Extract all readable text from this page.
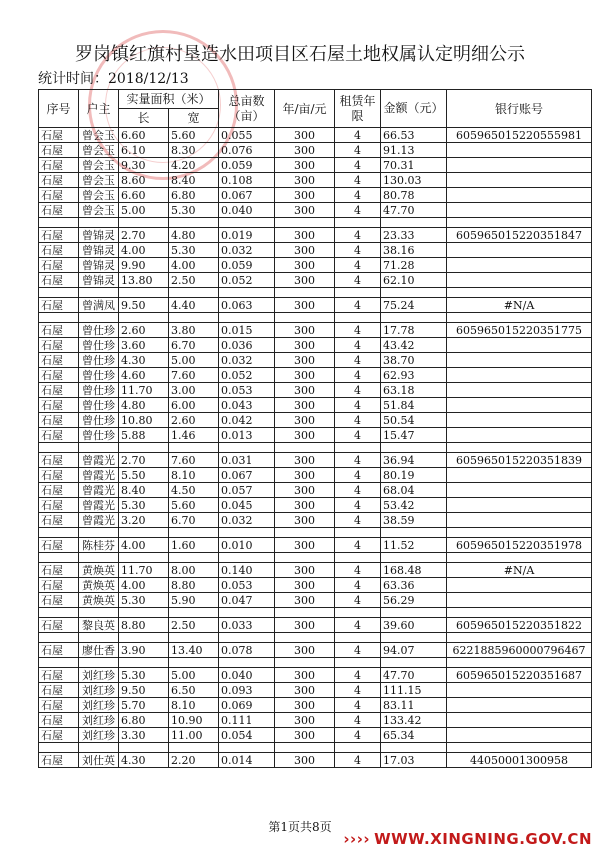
罗岗镇红旗村垦造水田项目区石屋土地权属认定明细公示
统计时间：2018/12/13
序号	户主	实量面积（米）		总亩数（亩）	年/亩/元	租赁年限	金额（元）	银行账号
		长	宽					
石屋	曾会玉	6.60	5.60	0.055	300	4	66.53	605965015220555981
石屋	曾会玉	6.10	8.30	0.076	300	4	91.13	
石屋	曾会玉	9.30	4.20	0.059	300	4	70.31	
石屋	曾会玉	8.60	8.40	0.108	300	4	130.03	
石屋	曾会玉	6.60	6.80	0.067	300	4	80.78	
石屋	曾会玉	5.00	5.30	0.040	300	4	47.70	

石屋	曾锦灵	2.70	4.80	0.019	300	4	23.33	605965015220351847
石屋	曾锦灵	4.00	5.30	0.032	300	4	38.16	
石屋	曾锦灵	9.90	4.00	0.059	300	4	71.28	
石屋	曾锦灵	13.80	2.50	0.052	300	4	62.10	

石屋	曾满凤	9.50	4.40	0.063	300	4	75.24	#N/A

石屋	曾仕珍	2.60	3.80	0.015	300	4	17.78	605965015220351775
石屋	曾仕珍	3.60	6.70	0.036	300	4	43.42	
石屋	曾仕珍	4.30	5.00	0.032	300	4	38.70	
石屋	曾仕珍	4.60	7.60	0.052	300	4	62.93	
石屋	曾仕珍	11.70	3.00	0.053	300	4	63.18	
石屋	曾仕珍	4.80	6.00	0.043	300	4	51.84	
石屋	曾仕珍	10.80	2.60	0.042	300	4	50.54	
石屋	曾仕珍	5.88	1.46	0.013	300	4	15.47	

石屋	曾霞光	2.70	7.60	0.031	300	4	36.94	605965015220351839
石屋	曾霞光	5.50	8.10	0.067	300	4	80.19	
石屋	曾霞光	8.40	4.50	0.057	300	4	68.04	
石屋	曾霞光	5.30	5.60	0.045	300	4	53.42	
石屋	曾霞光	3.20	6.70	0.032	300	4	38.59	

石屋	陈桂芬	4.00	1.60	0.010	300	4	11.52	605965015220351978

石屋	黄焕英	11.70	8.00	0.140	300	4	168.48	#N/A
石屋	黄焕英	4.00	8.80	0.053	300	4	63.36	
石屋	黄焕英	5.30	5.90	0.047	300	4	56.29	

石屋	黎良英	8.80	2.50	0.033	300	4	39.60	605965015220351822

石屋	廖仕香	3.90	13.40	0.078	300	4	94.07	622188596000079646​7

石屋	刘红珍	5.30	5.00	0.040	300	4	47.70	605965015220351687
石屋	刘红珍	9.50	6.50	0.093	300	4	111.15	
石屋	刘红珍	5.70	8.10	0.069	300	4	83.11	
石屋	刘红珍	6.80	10.90	0.111	300	4	133.42	
石屋	刘红珍	3.30	11.00	0.054	300	4	65.34	

石屋	刘仕英	4.30	2.20	0.014	300	4	17.03	44050001300958
第1页共8页
›››› WWW.XINGNING.GOV.CN
